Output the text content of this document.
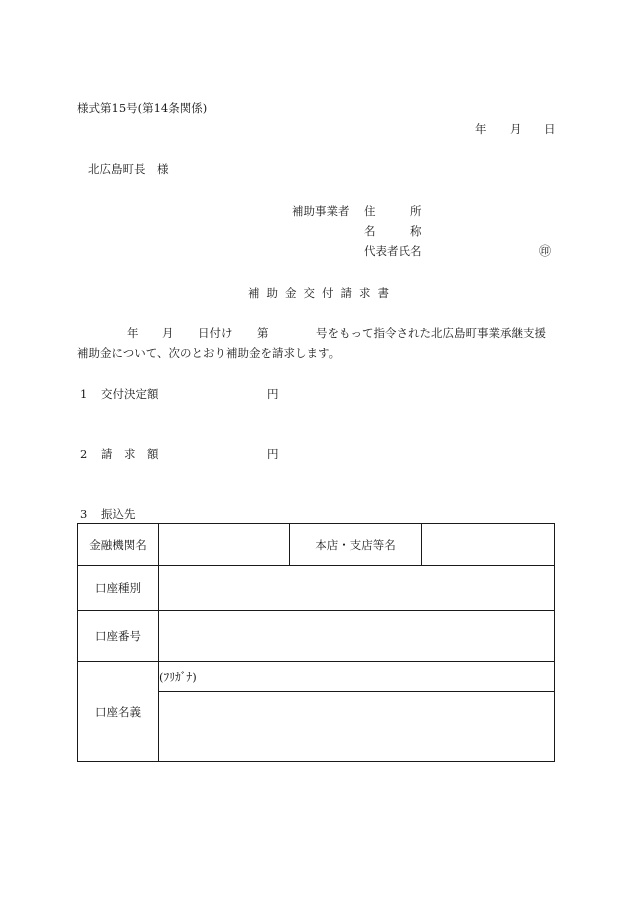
様式第15号(第14条関係)
年 月 日
北広島町長　様
補助事業者 住	所
名	称
代表者氏名	㊞
補助金交付請求書
年 月 日付け 第	号をもって指令された北広島町事業承継支援
補助金について、次のとおり補助金を請求します。
1 交付決定額	円
2 請　求　額	円
3 振込先
金融機関名		本店・支店等名	
口座種別			
口座番号			
口座名義	(ﾌﾘｶﾞﾅ)		
